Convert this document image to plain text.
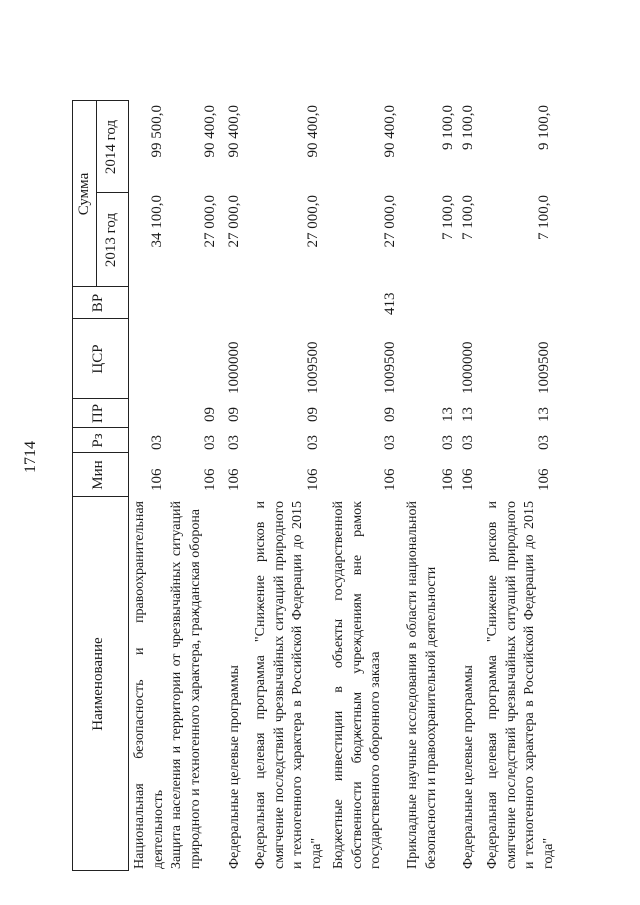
1714
Наименование
Мин
Рз
ПР
ЦСР
ВР
Сумма
2013 год
2014 год
Национальная безопасность и правоохранительная деятельность
106
03
34 100,0
99 500,0
Защита населения и территории от чрезвычайных ситуаций природного и техногенного характера, гражданская оборона
106
03
09
27 000,0
90 400,0
Федеральные целевые программы
106
03
09
1000000
27 000,0
90 400,0
Федеральная целевая программа "Снижение рисков и смягчение последствий чрезвычайных ситуаций природного и техногенного характера в Российской Федерации до 2015 года"
106
03
09
1009500
27 000,0
90 400,0
Бюджетные инвестиции в объекты государственной собственности бюджетным учреждениям вне рамок государственного оборонного заказа
106
03
09
1009500
413
27 000,0
90 400,0
Прикладные научные исследования в области национальной безопасности и правоохранительной деятельности
106
03
13
7 100,0
9 100,0
Федеральные целевые программы
106
03
13
1000000
7 100,0
9 100,0
Федеральная целевая программа "Снижение рисков и смягчение последствий чрезвычайных ситуаций природного и техногенного характера в Российской Федерации до 2015 года"
106
03
13
1009500
7 100,0
9 100,0
